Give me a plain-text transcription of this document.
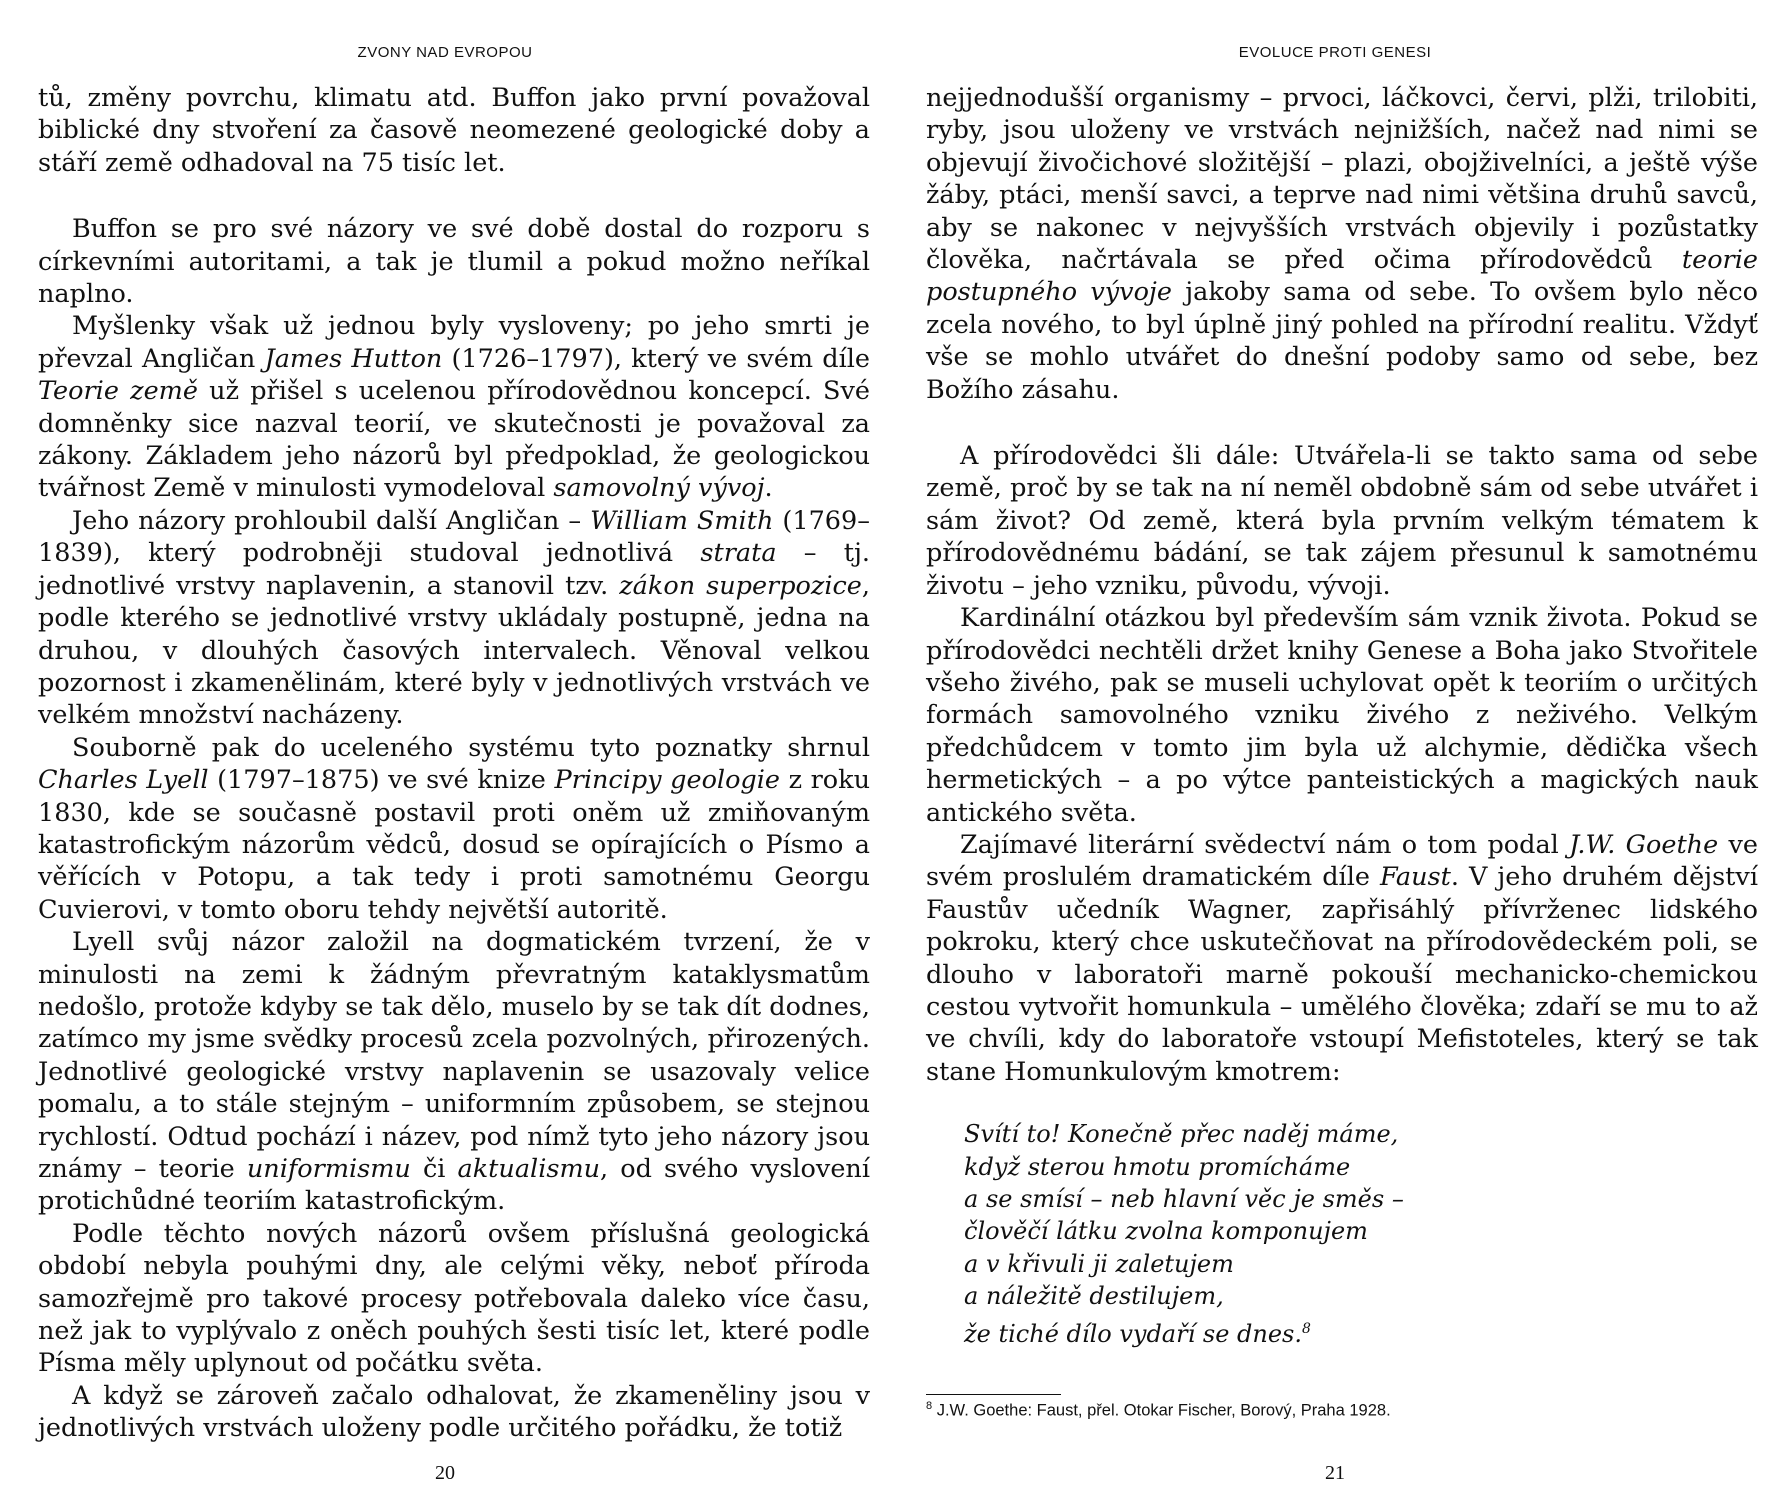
ZVONY NAD EVROPOU

tů, změny povrchu, klimatu atd. Buffon jako první považoval biblické dny stvoření za časově neomezené geologické doby a stáří země odhadoval na 75 tisíc let.

Buffon se pro své názory ve své době dostal do rozporu s církevními autoritami, a tak je tlumil a pokud možno neříkal naplno.

Myšlenky však už jednou byly vysloveny; po jeho smrti je převzal Angličan James Hutton (1726–1797), který ve svém díle Teorie země už přišel s ucelenou přírodovědnou koncepcí. Své domněnky sice nazval teorií, ve skutečnosti je považoval za zákony. Základem jeho názorů byl předpoklad, že geologickou tvářnost Země v minulosti vymodeloval samovolný vývoj.

Jeho názory prohloubil další Angličan – William Smith (1769–1839), který podrobněji studoval jednotlivá strata – tj. jednotlivé vrstvy naplavenin, a stanovil tzv. zákon superpozice, podle kterého se jednotlivé vrstvy ukládaly postupně, jedna na druhou, v dlouhých časových intervalech. Věnoval velkou pozornost i zkamenělinám, které byly v jednotlivých vrstvách ve velkém množství nacházeny.

Souborně pak do uceleného systému tyto poznatky shrnul Charles Lyell (1797–1875) ve své knize Principy geologie z roku 1830, kde se současně postavil proti oněm už zmiňovaným katastrofickým názorům vědců, dosud se opírajících o Písmo a věřících v Potopu, a tak tedy i proti samotnému Georgu Cuvierovi, v tomto oboru tehdy největší autoritě.

Lyell svůj názor založil na dogmatickém tvrzení, že v minulosti na zemi k žádným převratným kataklysmatům nedošlo, protože kdyby se tak dělo, muselo by se tak dít dodnes, zatímco my jsme svědky procesů zcela pozvolných, přirozených. Jednotlivé geologické vrstvy naplavenin se usazovaly velice pomalu, a to stále stejným – uniformním způsobem, se stejnou rychlostí. Odtud pochází i název, pod nímž tyto jeho názory jsou známy – teorie uniformismu či aktualismu, od svého vyslovení protichůdné teoriím katastrofickým.

Podle těchto nových názorů ovšem příslušná geologická období nebyla pouhými dny, ale celými věky, neboť příroda samozřejmě pro takové procesy potřebovala daleko více času, než jak to vyplývalo z oněch pouhých šesti tisíc let, které podle Písma měly uplynout od počátku světa.

A když se zároveň začalo odhalovat, že zkameněliny jsou v jednotlivých vrstvách uloženy podle určitého pořádku, že totiž

20
EVOLUCE PROTI GENESI

nejjednodušší organismy – prvoci, láčkovci, červi, plži, trilobiti, ryby, jsou uloženy ve vrstvách nejnižších, načež nad nimi se objevují živočichové složitější – plazi, obojživelníci, a ještě výše žáby, ptáci, menší savci, a teprve nad nimi většina druhů savců, aby se nakonec v nejvyšších vrstvách objevily i pozůstatky člověka, načrtávala se před očima přírodovědců teorie postupného vývoje jakoby sama od sebe. To ovšem bylo něco zcela nového, to byl úplně jiný pohled na přírodní realitu. Vždyť vše se mohlo utvářet do dnešní podoby samo od sebe, bez Božího zásahu.

A přírodovědci šli dále: Utvářela-li se takto sama od sebe země, proč by se tak na ní neměl obdobně sám od sebe utvářet i sám život? Od země, která byla prvním velkým tématem k přírodovědnému bádání, se tak zájem přesunul k samotnému životu – jeho vzniku, původu, vývoji.

Kardinální otázkou byl především sám vznik života. Pokud se přírodovědci nechtěli držet knihy Genese a Boha jako Stvořitele všeho živého, pak se museli uchylovat opět k teoriím o určitých formách samovolného vzniku živého z neživého. Velkým předchůdcem v tomto jim byla už alchymie, dědička všech hermetických – a po výtce panteistických a magických nauk antického světa.

Zajímavé literární svědectví nám o tom podal J.W. Goethe ve svém proslulém dramatickém díle Faust. V jeho druhém dějství Faustův učedník Wagner, zapřisáhlý přívrženec lidského pokroku, který chce uskutečňovat na přírodovědeckém poli, se dlouho v laboratoři marně pokouší mechanicko-chemickou cestou vytvořit homunkula – umělého člověka; zdaří se mu to až ve chvíli, kdy do laboratoře vstoupí Mefistoteles, který se tak stane Homunkulovým kmotrem:

Svítí to! Konečně přec naděj máme,
když sterou hmotu promícháme
a se smísí – neb hlavní věc je směs –
člověčí látku zvolna komponujem
a v křivuli ji zaletujem
a náležitě destilujem,
že tiché dílo vydaří se dnes.$^8$
$^8$ J.W. Goethe: Faust, přel. Otokar Fischer, Borový, Praha 1928.
21
